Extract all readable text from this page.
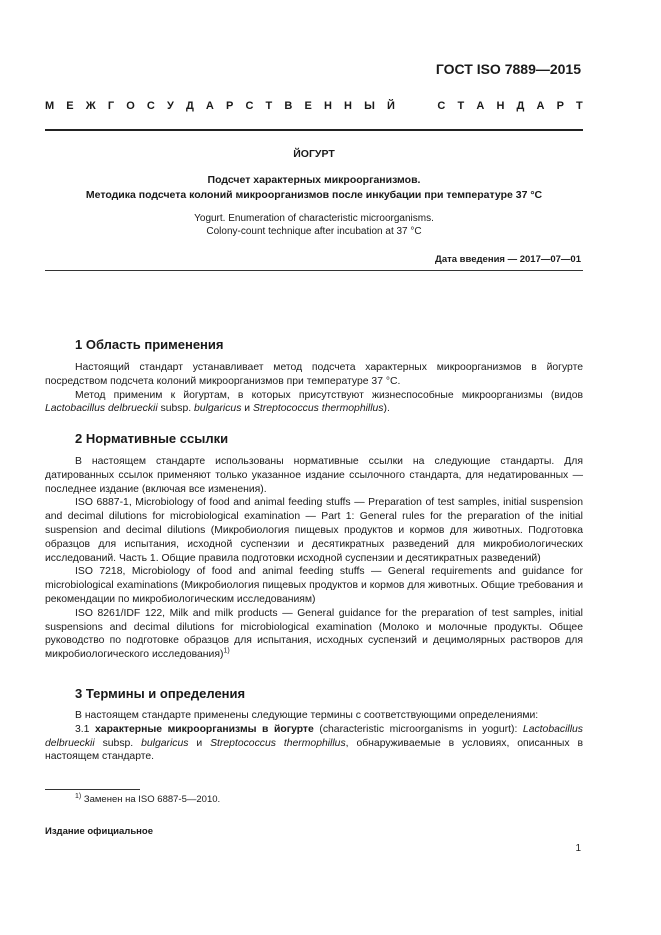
ГОСТ ISO 7889—2015
М Е Ж Г О С У Д А Р С Т В Е Н Н Ы Й

	С Т А Н Д А Р Т
ЙОГУРТ
Подсчет характерных микроорганизмов.
Методика подсчета колоний микроорганизмов после инкубации при температуре 37 °С
Yogurt. Enumeration of characteristic microorganisms.
Colony-count technique after incubation at 37 °C
Дата введения — 2017—07—01
1 Область применения

Настоящий стандарт устанавливает метод подсчета характерных микроорганизмов в йогурте посредством подсчета колоний микроорганизмов при температуре 37 °С.

Метод применим к йогуртам, в которых присутствуют жизнеспособные микроорганизмы (видов Lactobacillus delbrueckii subsp. bulgaricus и Streptococcus thermophillus).

2 Нормативные ссылки

В настоящем стандарте использованы нормативные ссылки на следующие стандарты. Для датированных ссылок применяют только указанное издание ссылочного стандарта, для недатированных — последнее издание (включая все изменения).

ISO 6887-1, Microbiology of food and animal feeding stuffs — Preparation of test samples, initial suspension and decimal dilutions for microbiological examination — Part 1: General rules for the preparation of the initial suspension and decimal dilutions (Микробиология пищевых продуктов и кормов для животных. Подготовка образцов для испытания, исходной суспензии и десятикратных разведений для микробиологических исследований. Часть 1. Общие правила подготовки исходной суспензии и десятикратных разведений)

ISO 7218, Microbiology of food and animal feeding stuffs — General requirements and guidance for microbiological examinations (Микробиология пищевых продуктов и кормов для животных. Общие требования и рекомендации по микробиологическим исследованиям)

ISO 8261/IDF 122, Milk and milk products — General guidance for the preparation of test samples, initial suspensions and decimal dilutions for microbiological examination (Молоко и молочные продукты. Общее руководство по подготовке образцов для испытания, исходных суспензий и децимолярных растворов для микробиологического исследования)$^{1)}$

3 Термины и определения

В настоящем стандарте применены следующие термины с соответствующими определениями:

3.1 характерные микроорганизмы в йогурте (characteristic microorganisms in yogurt): Lactobacillus delbrueckii subsp. bulgaricus и Streptococcus thermophillus, обнаруживаемые в условиях, описанных в настоящем стандарте.

$^{1)}$ Заменен на ISO 6887-5—2010.
Издание официальное
1
